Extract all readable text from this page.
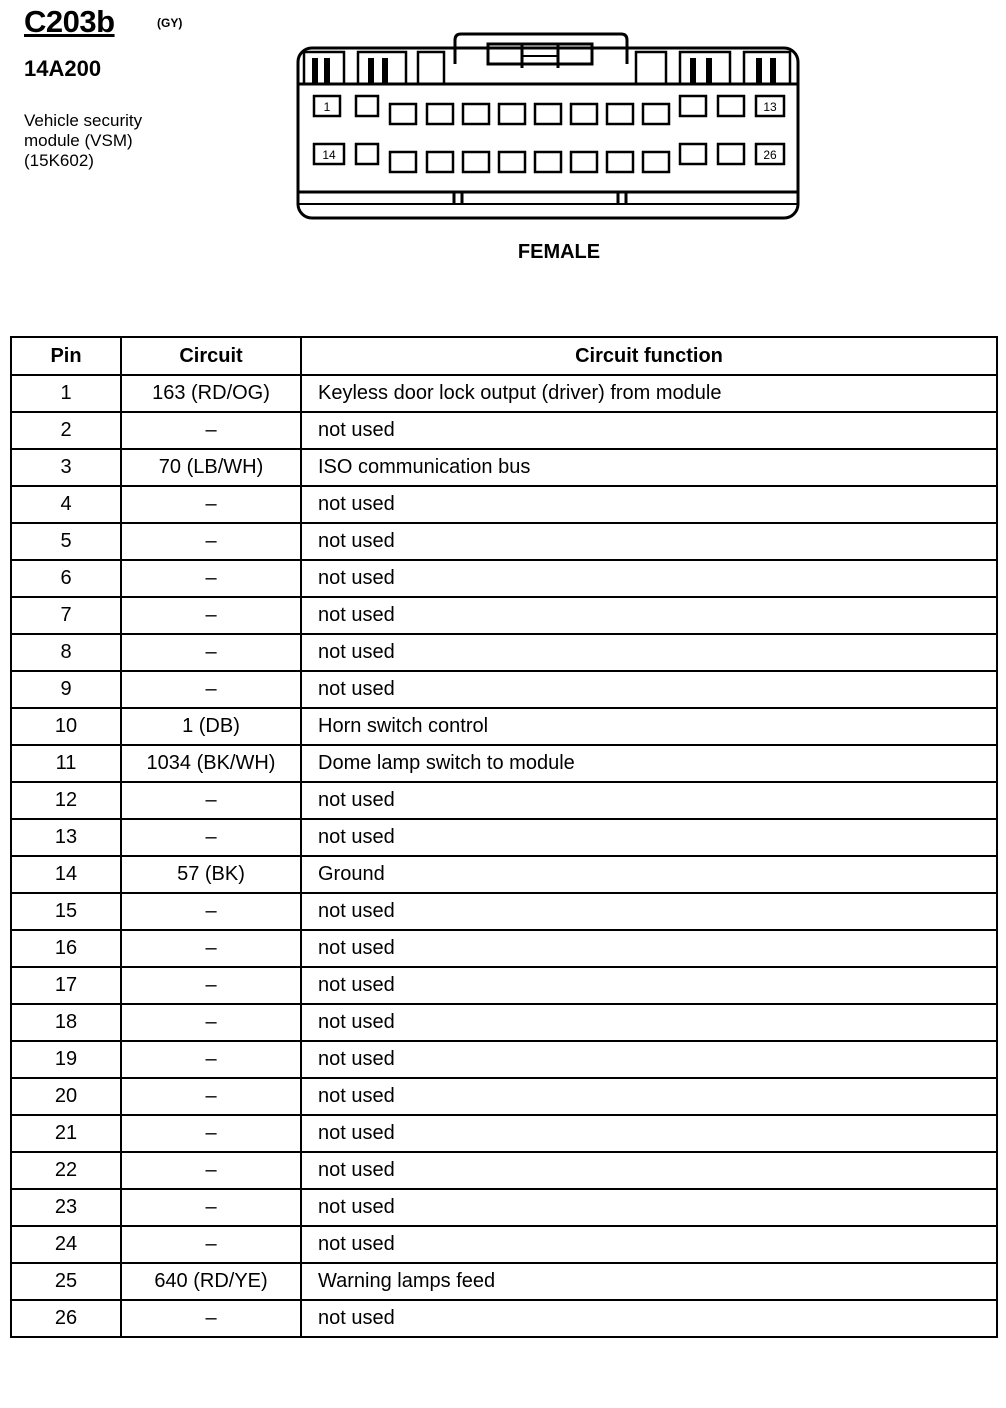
C203b	(GY)
14A200
Vehicle security
module (VSM)
(15K602)
1	13
14	26
FEMALE
Pin	Circuit	Circuit function
1	163 (RD/OG)	Keyless door lock output (driver) from module
2	–	not used
3	70 (LB/WH)	ISO communication bus
4	–	not used
5	–	not used
6	–	not used
7	–	not used
8	–	not used
9	–	not used
10	1 (DB)	Horn switch control
11	1034 (BK/WH)	Dome lamp switch to module
12	–	not used
13	–	not used
14	57 (BK)	Ground
15	–	not used
16	–	not used
17	–	not used
18	–	not used
19	–	not used
20	–	not used
21	–	not used
22	–	not used
23	–	not used
24	–	not used
25	640 (RD/YE)	Warning lamps feed
26	–	not used
